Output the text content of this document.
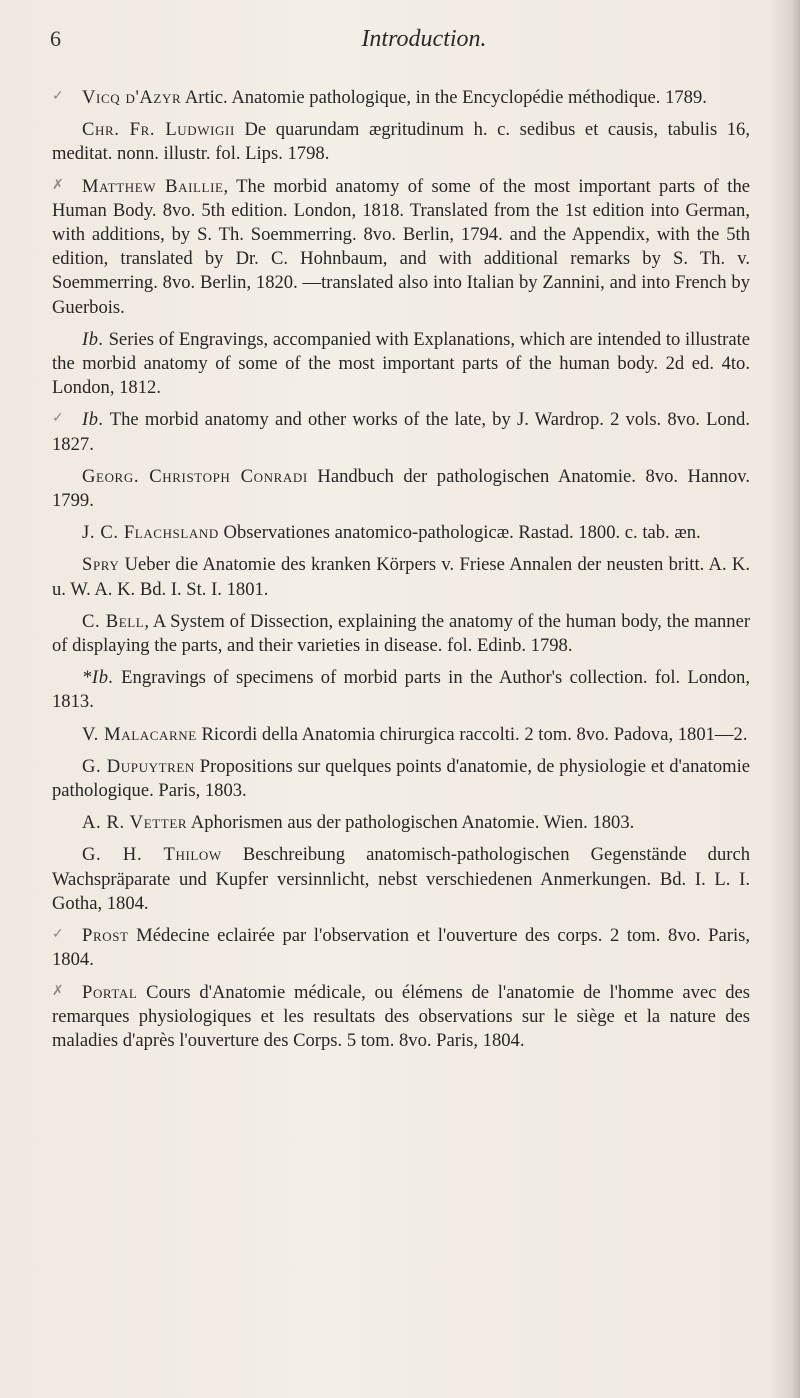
6	Introduction.

✓ Vicq d'Azyr Artic. Anatomie pathologique, in the Encyclopédie méthodique. 1789.

Chr. Fr. Ludwigii De quarundam ægritudinum h. c. sedibus et causis, tabulis 16, meditat. nonn. illustr. fol. Lips. 1798.

✗ Matthew Baillie, The morbid anatomy of some of the most important parts of the Human Body. 8vo. 5th edition. London, 1818. Translated from the 1st edition into German, with additions, by S. Th. Soemmerring. 8vo. Berlin, 1794. and the Appendix, with the 5th edition, translated by Dr. C. Hohnbaum, and with additional remarks by S. Th. v. Soemmerring. 8vo. Berlin, 1820. —translated also into Italian by Zannini, and into French by Guerbois.

Ib. Series of Engravings, accompanied with Explanations, which are intended to illustrate the morbid anatomy of some of the most important parts of the human body. 2d ed. 4to. London, 1812.

✓ Ib. The morbid anatomy and other works of the late, by J. Wardrop. 2 vols. 8vo. Lond. 1827.

Georg. Christoph Conradi Handbuch der pathologischen Anatomie. 8vo. Hannov. 1799.

J. C. Flachsland Observationes anatomico-pathologicæ. Rastad. 1800. c. tab. æn.

Spry Ueber die Anatomie des kranken Körpers v. Friese Annalen der neusten britt. A. K. u. W. A. K. Bd. I. St. I. 1801.

C. Bell, A System of Dissection, explaining the anatomy of the human body, the manner of displaying the parts, and their varieties in disease. fol. Edinb. 1798.

*Ib. Engravings of specimens of morbid parts in the Author's collection. fol. London, 1813.

V. Malacarne Ricordi della Anatomia chirurgica raccolti. 2 tom. 8vo. Padova, 1801—2.

G. Dupuytren Propositions sur quelques points d'anatomie, de physiologie et d'anatomie pathologique. Paris, 1803.

A. R. Vetter Aphorismen aus der pathologischen Anatomie. Wien. 1803.

G. H. Thilow Beschreibung anatomisch-pathologischen Gegenstände durch Wachspräparate und Kupfer versinnlicht, nebst verschiedenen Anmerkungen. Bd. I. L. I. Gotha, 1804.

✓ Prost Médecine eclairée par l'observation et l'ouverture des corps. 2 tom. 8vo. Paris, 1804.

✗ Portal Cours d'Anatomie médicale, ou élémens de l'anatomie de l'homme avec des remarques physiologiques et les resultats des observations sur le siège et la nature des maladies d'après l'ouverture des Corps. 5 tom. 8vo. Paris, 1804.
